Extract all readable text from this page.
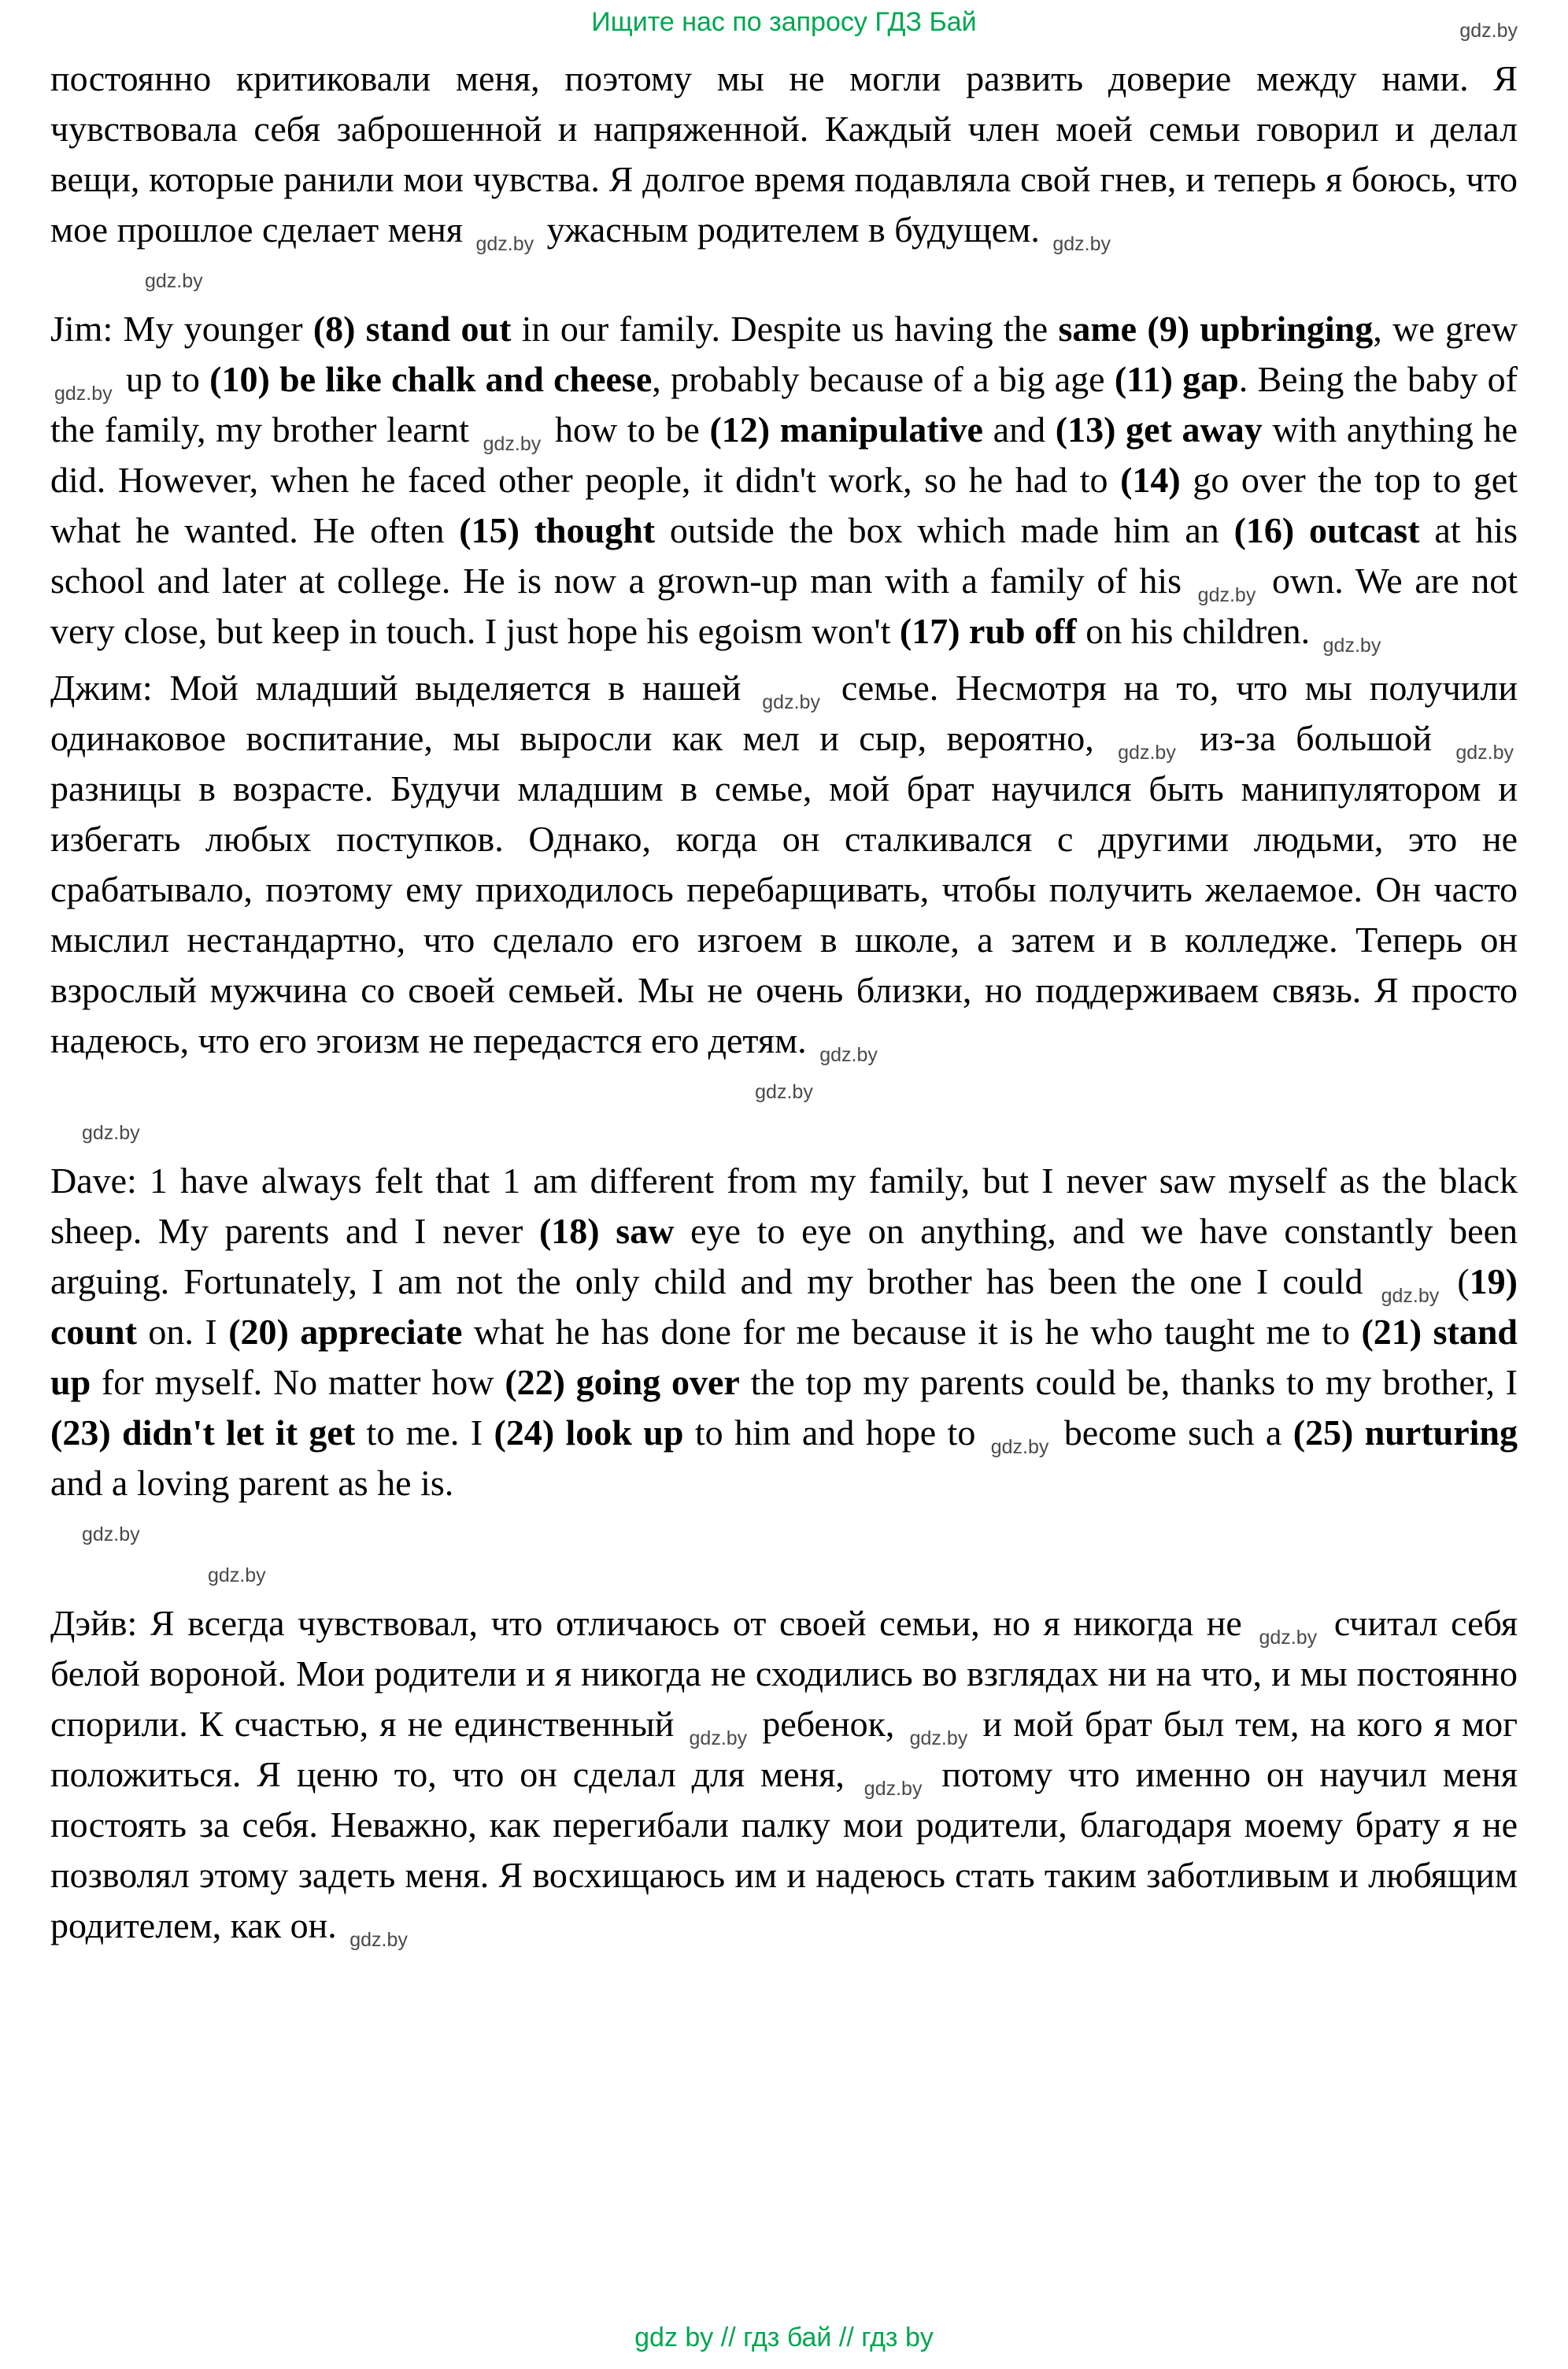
Ищите нас по запросу ГДЗ Бай	gdz.by

постоянно критиковали меня, поэтому мы не могли развить доверие между нами. Я чувствовала себя заброшенной и напряженной. Каждый член моей семьи говорил и делал вещи, которые ранили мои чувства. Я долгое время подавляла свой гнев, и теперь я боюсь, что мое прошлое сделает меня $_{gdz.by}$ ужасным родителем в будущем. $_{gdz.by}$

gdz.by

Jim: My younger (8) stand out in our family. Despite us having the same (9) upbringing, we grew $_{gdz.by}$ up to (10) be like chalk and cheese, probably because of a big age (11) gap. Being the baby of the family, my brother learnt $_{gdz.by}$ how to be (12) manipulative and (13) get away with anything he did. However, when he faced other people, it didn't work, so he had to (14) go over the top to get what he wanted. He often (15) thought outside the box which made him an (16) outcast at his school and later at college. He is now a grown-up man with a family of his $_{gdz.by}$ own. We are not very close, but keep in touch. I just hope his egoism won't (17) rub off on his children. $_{gdz.by}$

Джим: Мой младший выделяется в нашей $_{gdz.by}$ семье. Несмотря на то, что мы получили одинаковое воспитание, мы выросли как мел и сыр, вероятно, $_{gdz.by}$ из-за большой $_{gdz.by}$ разницы в возрасте. Будучи младшим в семье, мой брат научился быть манипулятором и избегать любых поступков. Однако, когда он сталкивался с другими людьми, это не срабатывало, поэтому ему приходилось перебарщивать, чтобы получить желаемое. Он часто мыслил нестандартно, что сделало его изгоем в школе, а затем и в колледже. Теперь он взрослый мужчина со своей семьей. Мы не очень близки, но поддерживаем связь. Я просто надеюсь, что его эгоизм не передастся его детям. $_{gdz.by}$

gdz.by
gdz.by

Dave: 1 have always felt that 1 am different from my family, but I never saw myself as the black sheep. My parents and I never (18) saw eye to eye on anything, and we have constantly been arguing. Fortunately, I am not the only child and my brother has been the one I could $_{gdz.by}$ (19) count on. I (20) appreciate what he has done for me because it is he who taught me to (21) stand up for myself. No matter how (22) going over the top my parents could be, thanks to my brother, I (23) didn't let it get to me. I (24) look up to him and hope to $_{gdz.by}$ become such a (25) nurturing and a loving parent as he is.

gdz.by
gdz.by

Дэйв: Я всегда чувствовал, что отличаюсь от своей семьи, но я никогда не $_{gdz.by}$ считал себя белой вороной. Мои родители и я никогда не сходились во взглядах ни на что, и мы постоянно спорили. К счастью, я не единственный $_{gdz.by}$ ребенок, $_{gdz.by}$ и мой брат был тем, на кого я мог положиться. Я ценю то, что он сделал для меня, $_{gdz.by}$ потому что именно он научил меня постоять за себя. Неважно, как перегибали палку мои родители, благодаря моему брату я не позволял этому задеть меня. Я восхищаюсь им и надеюсь стать таким заботливым и любящим родителем, как он. $_{gdz.by}$

gdz by // гдз бай // гдз by
